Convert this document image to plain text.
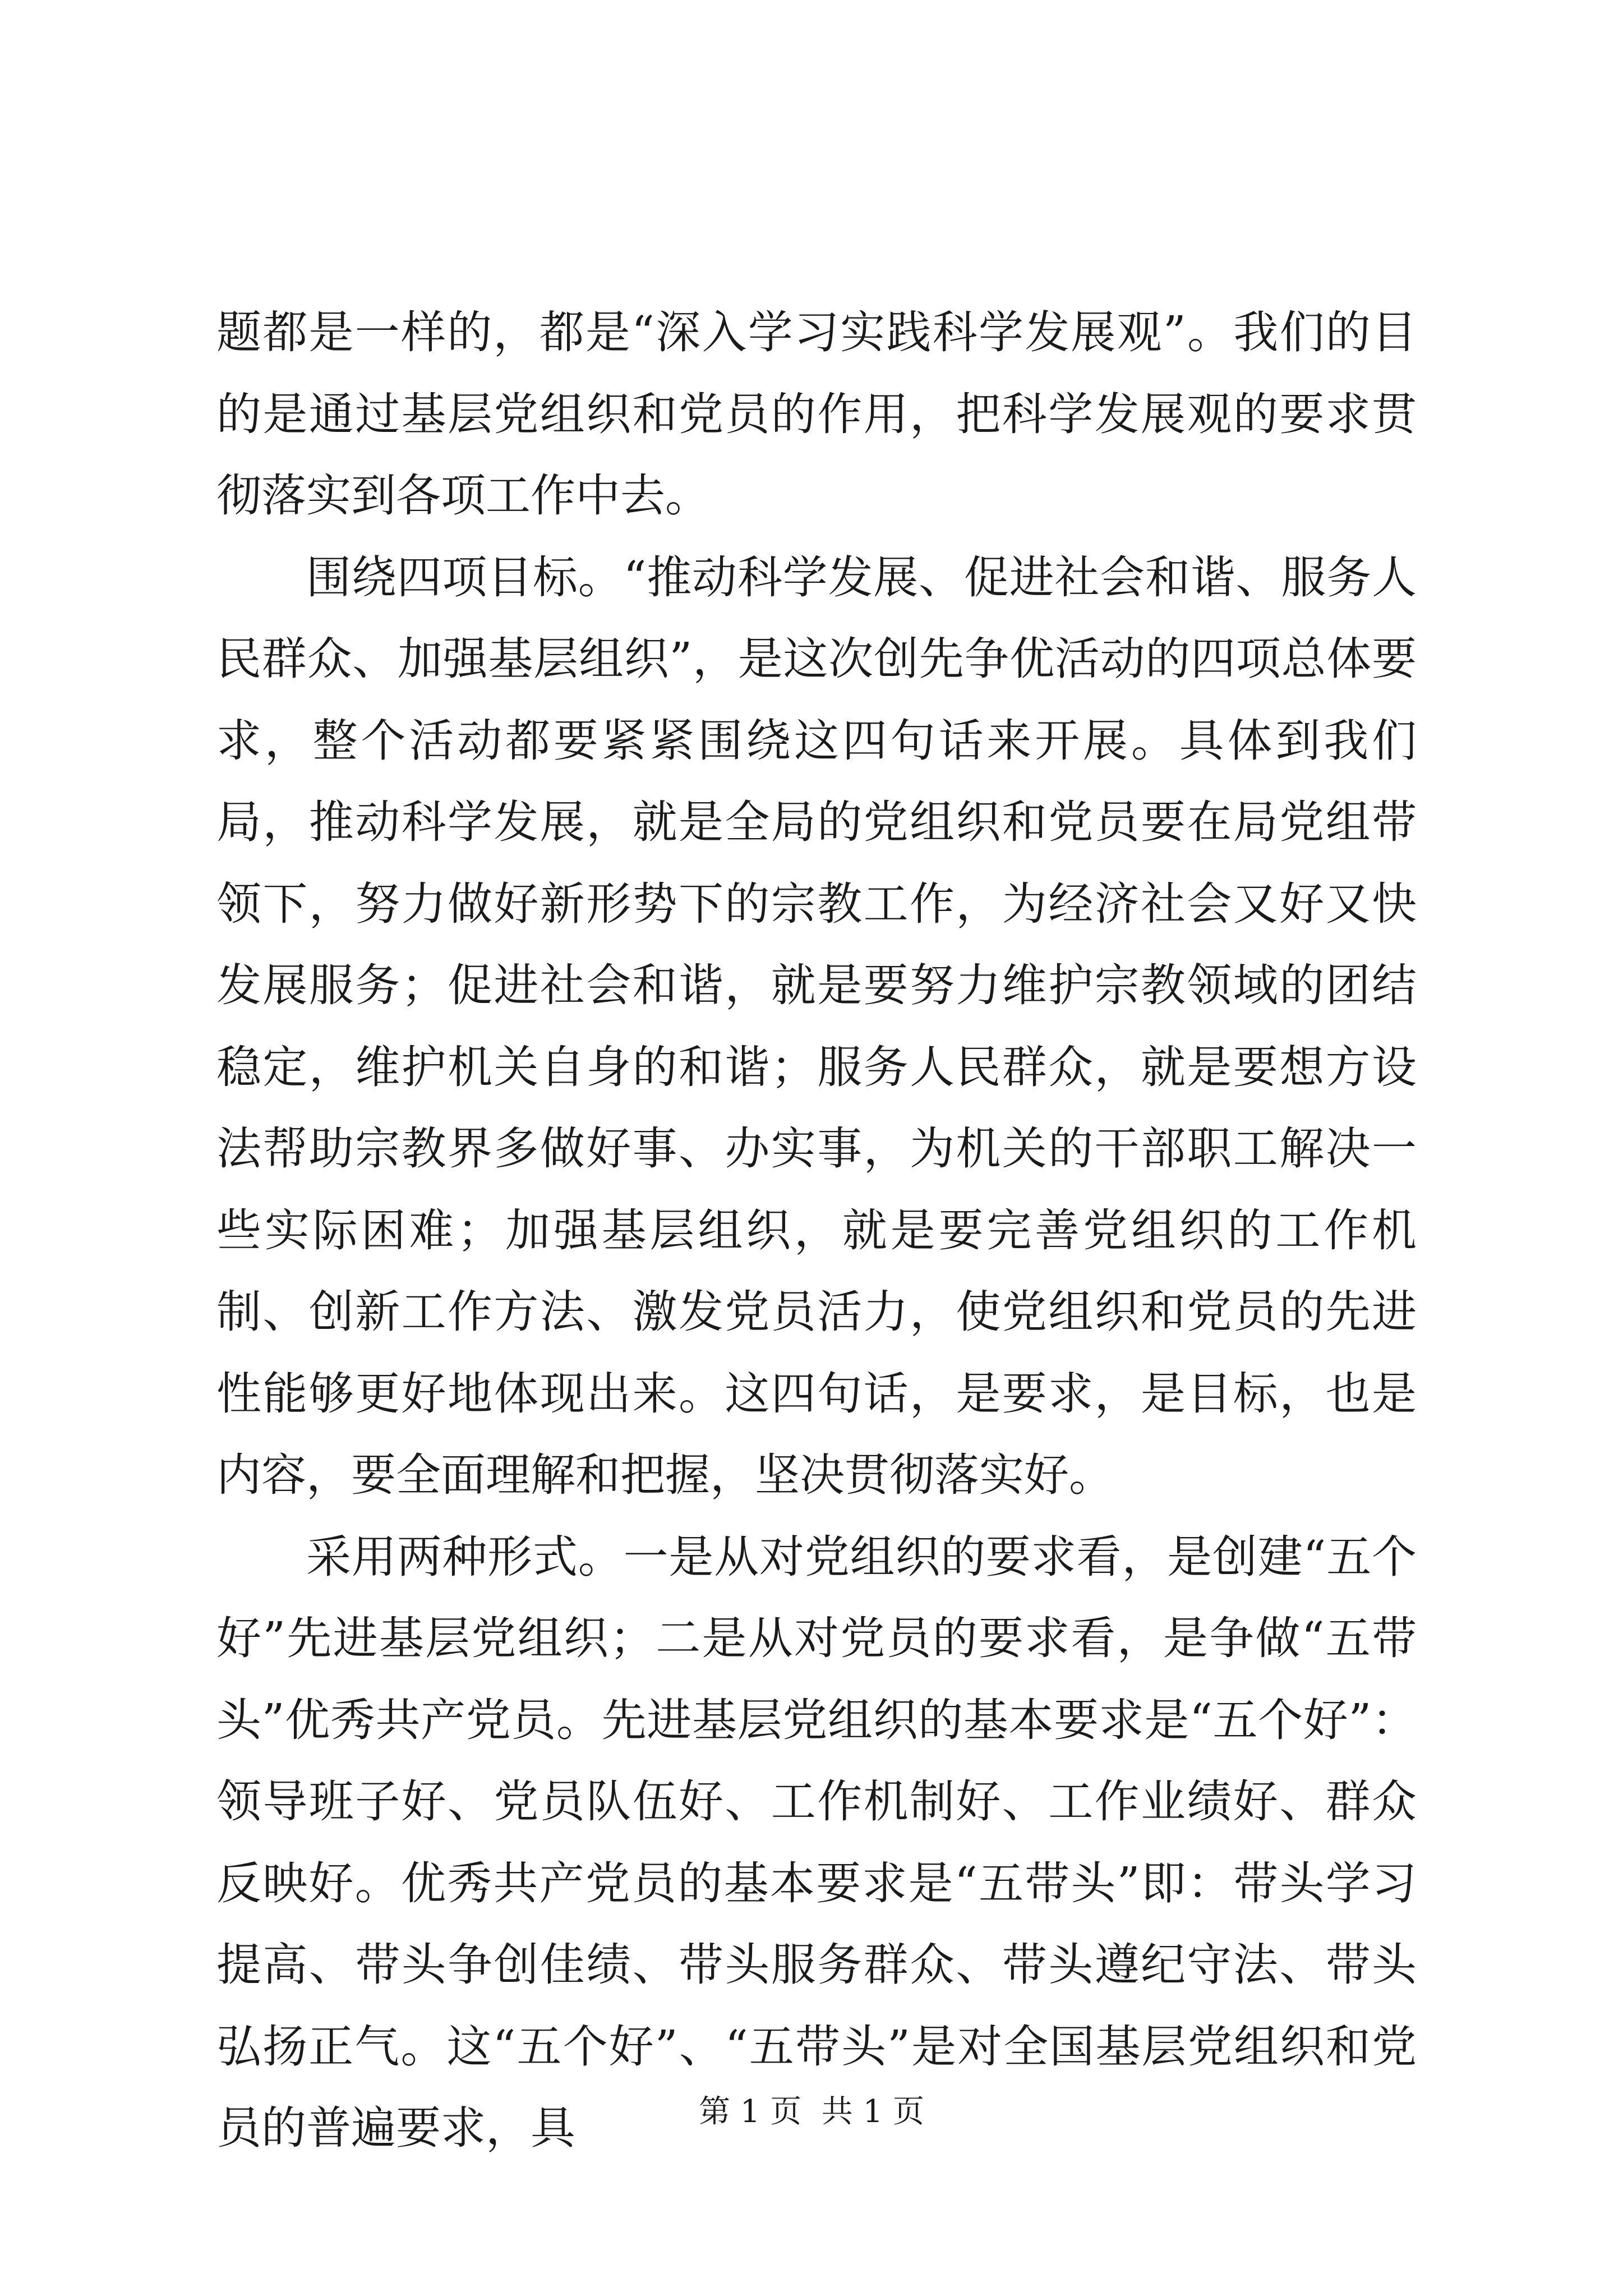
题都是一样的，都是“深入学习实践科学发展观”。我们的目的是通过基层党组织和党员的作用，把科学发展观的要求贯彻落实到各项工作中去。

围绕四项目标。“推动科学发展、促进社会和谐、服务人民群众、加强基层组织”，是这次创先争优活动的四项总体要求，整个活动都要紧紧围绕这四句话来开展。具体到我们局，推动科学发展，就是全局的党组织和党员要在局党组带领下，努力做好新形势下的宗教工作，为经济社会又好又快发展服务；促进社会和谐，就是要努力维护宗教领域的团结稳定，维护机关自身的和谐；服务人民群众，就是要想方设法帮助宗教界多做好事、办实事，为机关的干部职工解决一些实际困难；加强基层组织，就是要完善党组织的工作机制、创新工作方法、激发党员活力，使党组织和党员的先进性能够更好地体现出来。这四句话，是要求，是目标，也是内容，要全面理解和把握，坚决贯彻落实好。

采用两种形式。一是从对党组织的要求看，是创建“五个好”先进基层党组织；二是从对党员的要求看，是争做“五带头”优秀共产党员。先进基层党组织的基本要求是“五个好”：领导班子好、党员队伍好、工作机制好、工作业绩好、群众反映好。优秀共产党员的基本要求是“五带头”即：带头学习提高、带头争创佳绩、带头服务群众、带头遵纪守法、带头弘扬正气。这“五个好”、“五带头”是对全国基层党组织和党员的普遍要求，具	第 1 页  共 1 页
